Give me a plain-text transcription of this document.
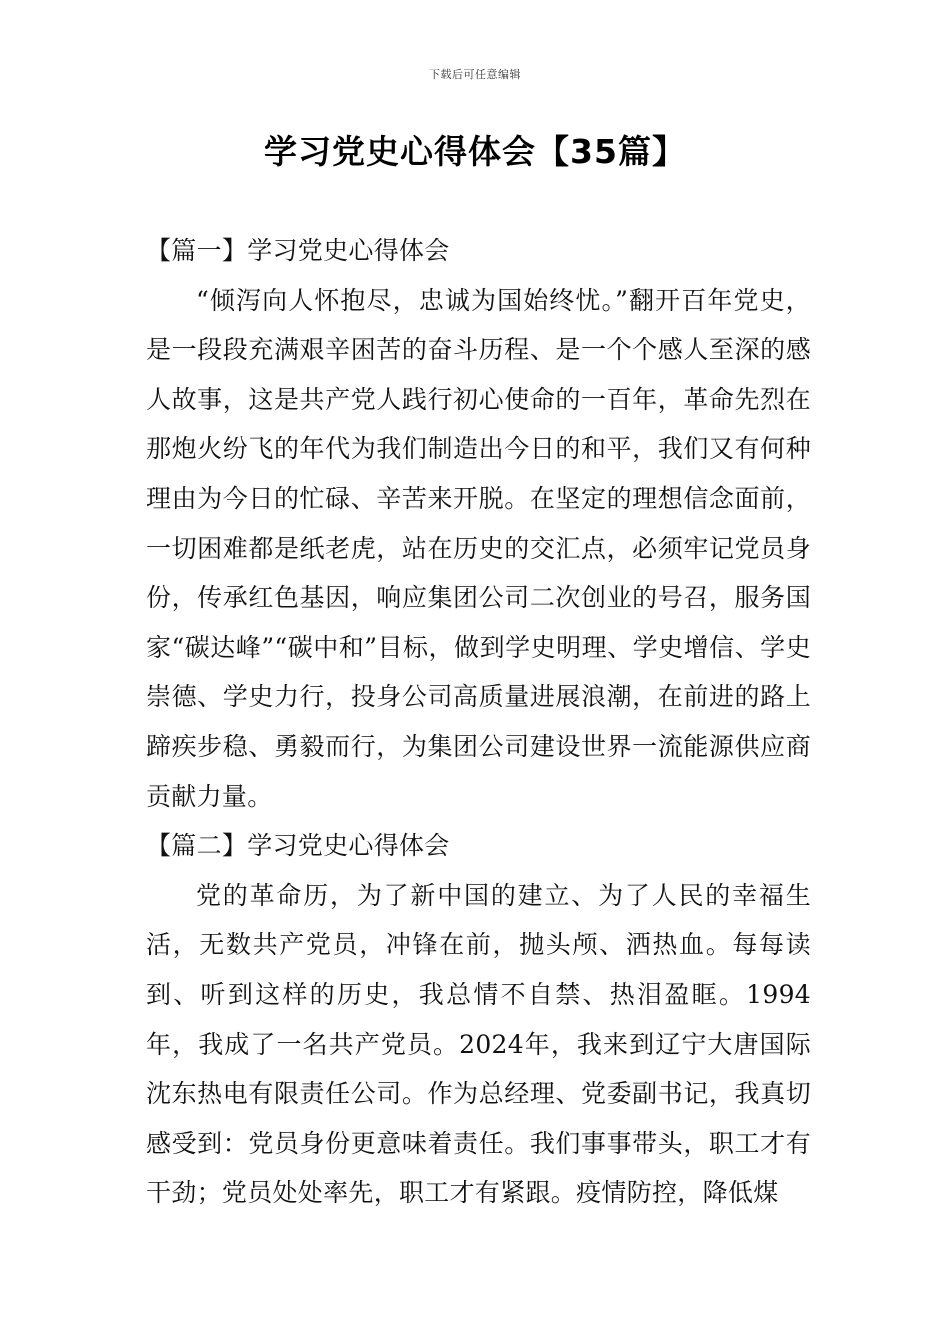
下载后可任意编辑
学习党史心得体会【35篇】
【篇一】学习党史心得体会

“倾泻向人怀抱尽，忠诚为国始终忧。”翻开百年党史，是一段段充满艰辛困苦的奋斗历程、是一个个感人至深的感人故事，这是共产党人践行初心使命的一百年，革命先烈在那炮火纷飞的年代为我们制造出今日的和平，我们又有何种理由为今日的忙碌、辛苦来开脱。在坚定的理想信念面前，一切困难都是纸老虎，站在历史的交汇点，必须牢记党员身份，传承红色基因，响应集团公司二次创业的号召，服务国家“碳达峰”“碳中和”目标，做到学史明理、学史增信、学史崇德、学史力行，投身公司高质量进展浪潮，在前进的路上蹄疾步稳、勇毅而行，为集团公司建设世界一流能源供应商贡献力量。

【篇二】学习党史心得体会

党的革命历，为了新中国的建立、为了人民的幸福生活，无数共产党员，冲锋在前，抛头颅、洒热血。每每读到、听到这样的历史，我总情不自禁、热泪盈眶。1994年，我成了一名共产党员。2024年，我来到辽宁大唐国际沈东热电有限责任公司。作为总经理、党委副书记，我真切感受到：党员身份更意味着责任。我们事事带头，职工才有干劲；党员处处率先，职工才有紧跟。疫情防控，降低煤
